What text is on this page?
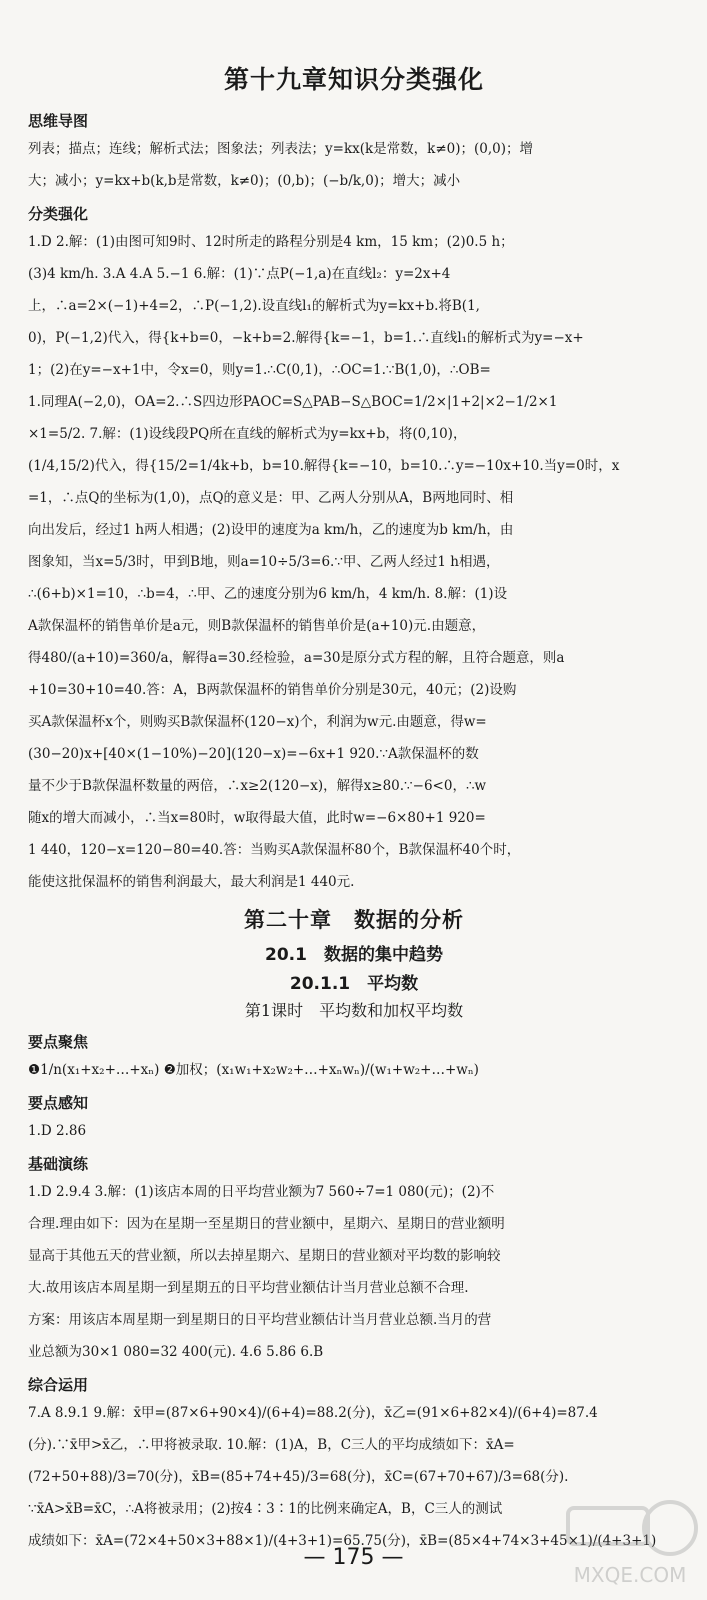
第十九章知识分类强化
思维导图

列表；描点；连线；解析式法；图象法；列表法；y=kx(k是常数，k≠0)；(0,0)；增

大；减小；y=kx+b(k,b是常数，k≠0)；(0,b)；(−b/k,0)；增大；减小

分类强化

1.D 2.解：(1)由图可知9时、12时所走的路程分别是4 km，15 km；(2)0.5 h；

(3)4 km/h. 3.A 4.A 5.−1 6.解：(1)∵点P(−1,a)在直线l₂：y=2x+4

上，∴a=2×(−1)+4=2，∴P(−1,2).设直线l₁的解析式为y=kx+b.将B(1,

0)，P(−1,2)代入，得{k+b=0，−k+b=2.解得{k=−1，b=1.∴直线l₁的解析式为y=−x+

1；(2)在y=−x+1中，令x=0，则y=1.∴C(0,1)，∴OC=1.∵B(1,0)，∴OB=

1.同理A(−2,0)，OA=2.∴S四边形PAOC=S△PAB−S△BOC=1/2×|1+2|×2−1/2×1

×1=5/2. 7.解：(1)设线段PQ所在直线的解析式为y=kx+b，将(0,10)，

(1/4,15/2)代入，得{15/2=1/4k+b，b=10.解得{k=−10，b=10.∴y=−10x+10.当y=0时，x

=1，∴点Q的坐标为(1,0)，点Q的意义是：甲、乙两人分别从A，B两地同时、相

向出发后，经过1 h两人相遇；(2)设甲的速度为a km/h，乙的速度为b km/h，由

图象知，当x=5/3时，甲到B地，则a=10÷5/3=6.∵甲、乙两人经过1 h相遇，

∴(6+b)×1=10，∴b=4，∴甲、乙的速度分别为6 km/h，4 km/h. 8.解：(1)设

A款保温杯的销售单价是a元，则B款保温杯的销售单价是(a+10)元.由题意，

得480/(a+10)=360/a，解得a=30.经检验，a=30是原分式方程的解，且符合题意，则a

+10=30+10=40.答：A，B两款保温杯的销售单价分别是30元，40元；(2)设购

买A款保温杯x个，则购买B款保温杯(120−x)个，利润为w元.由题意，得w=

(30−20)x+[40×(1−10%)−20](120−x)=−6x+1 920.∵A款保温杯的数

量不少于B款保温杯数量的两倍，∴x≥2(120−x)，解得x≥80.∵−6<0，∴w

随x的增大而减小，∴当x=80时，w取得最大值，此时w=−6×80+1 920=

1 440，120−x=120−80=40.答：当购买A款保温杯80个，B款保温杯40个时，

能使这批保温杯的销售利润最大，最大利润是1 440元.

第二十章　数据的分析
20.1　数据的集中趋势
20.1.1　平均数
第1课时　平均数和加权平均数
要点聚焦

❶1/n(x₁+x₂+…+xₙ) ❷加权；(x₁w₁+x₂w₂+…+xₙwₙ)/(w₁+w₂+…+wₙ)

要点感知

1.D 2.86

基础演练

1.D 2.9.4 3.解：(1)该店本周的日平均营业额为7 560÷7=1 080(元)；(2)不

合理.理由如下：因为在星期一至星期日的营业额中，星期六、星期日的营业额明

显高于其他五天的营业额，所以去掉星期六、星期日的营业额对平均数的影响较

大.故用该店本周星期一到星期五的日平均营业额估计当月营业总额不合理.

方案：用该店本周星期一到星期日的日平均营业额估计当月营业总额.当月的营

业总额为30×1 080=32 400(元). 4.6 5.86 6.B

综合运用

7.A 8.9.1 9.解：x̄甲=(87×6+90×4)/(6+4)=88.2(分)，x̄乙=(91×6+82×4)/(6+4)=87.4

(分).∵x̄甲>x̄乙，∴甲将被录取. 10.解：(1)A，B，C三人的平均成绩如下：x̄A=

(72+50+88)/3=70(分)，x̄B=(85+74+45)/3=68(分)，x̄C=(67+70+67)/3=68(分).

∵x̄A>x̄B=x̄C，∴A将被录用；(2)按4∶3∶1的比例来确定A，B，C三人的测试

成绩如下：x̄A=(72×4+50×3+88×1)/(4+3+1)=65.75(分)，x̄B=(85×4+74×3+45×1)/(4+3+1)

— 175 —
MXQE.COM
